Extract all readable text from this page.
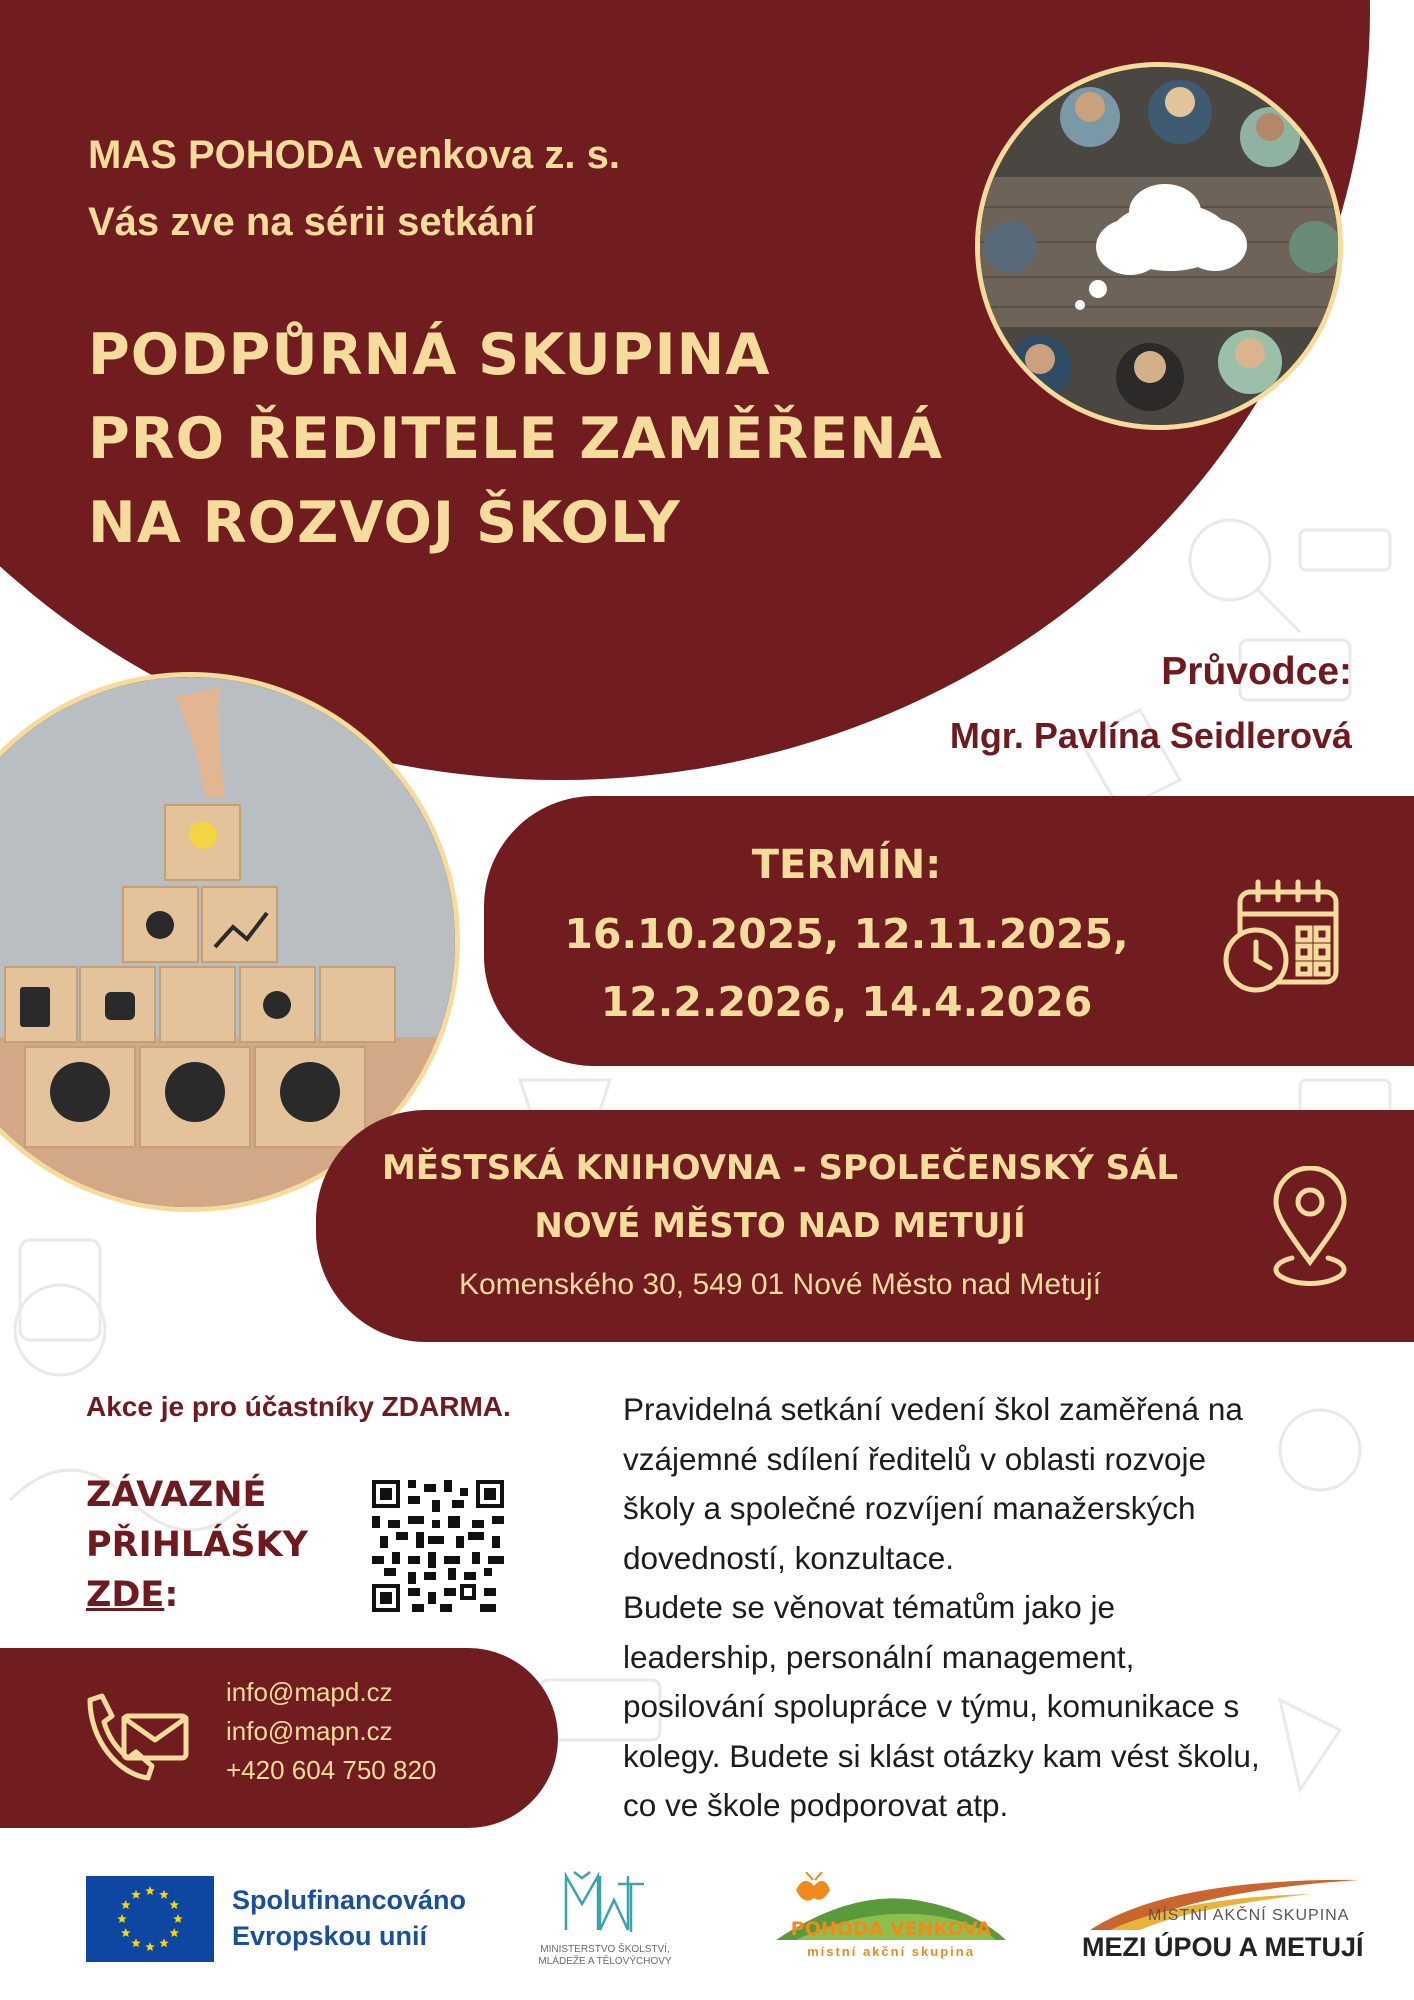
MAS POHODA venkova z. s.
Vás zve na sérii setkání
PODPŮRNÁ SKUPINA
PRO ŘEDITELE ZAMĚŘENÁ
NA ROZVOJ ŠKOLY
Průvodce:
Mgr. Pavlína Seidlerová
TERMÍN:
16.10.2025, 12.11.2025,
12.2.2026, 14.4.2026
MĚSTSKÁ KNIHOVNA - SPOLEČENSKÝ SÁL
NOVÉ MĚSTO NAD METUJÍ
Komenského 30, 549 01 Nové Město nad Metují
Akce je pro účastníky ZDARMA.
ZÁVAZNÉ
PŘIHLÁŠKY
ZDE:
info@mapd.cz
info@mapn.cz
+420 604 750 820
Pravidelná setkání vedení škol zaměřená na
vzájemné sdílení ředitelů v oblasti rozvoje
školy a společné rozvíjení manažerských
dovedností, konzultace.
Budete se věnovat tématům jako je
leadership, personální management,
posilování spolupráce v týmu, komunikace s
kolegy. Budete si klást otázky kam vést školu,
co ve škole podporovat atp.
Spolufinancováno
Evropskou unií	MINISTERSTVO ŠKOLSTVÍ,
MLÁDEŽE A TĚLOVÝCHOVY
POHODA VENKOVA
místní akční skupina
MÍSTNÍ AKČNÍ SKUPINA
MEZI ÚPOU A METUJÍ
